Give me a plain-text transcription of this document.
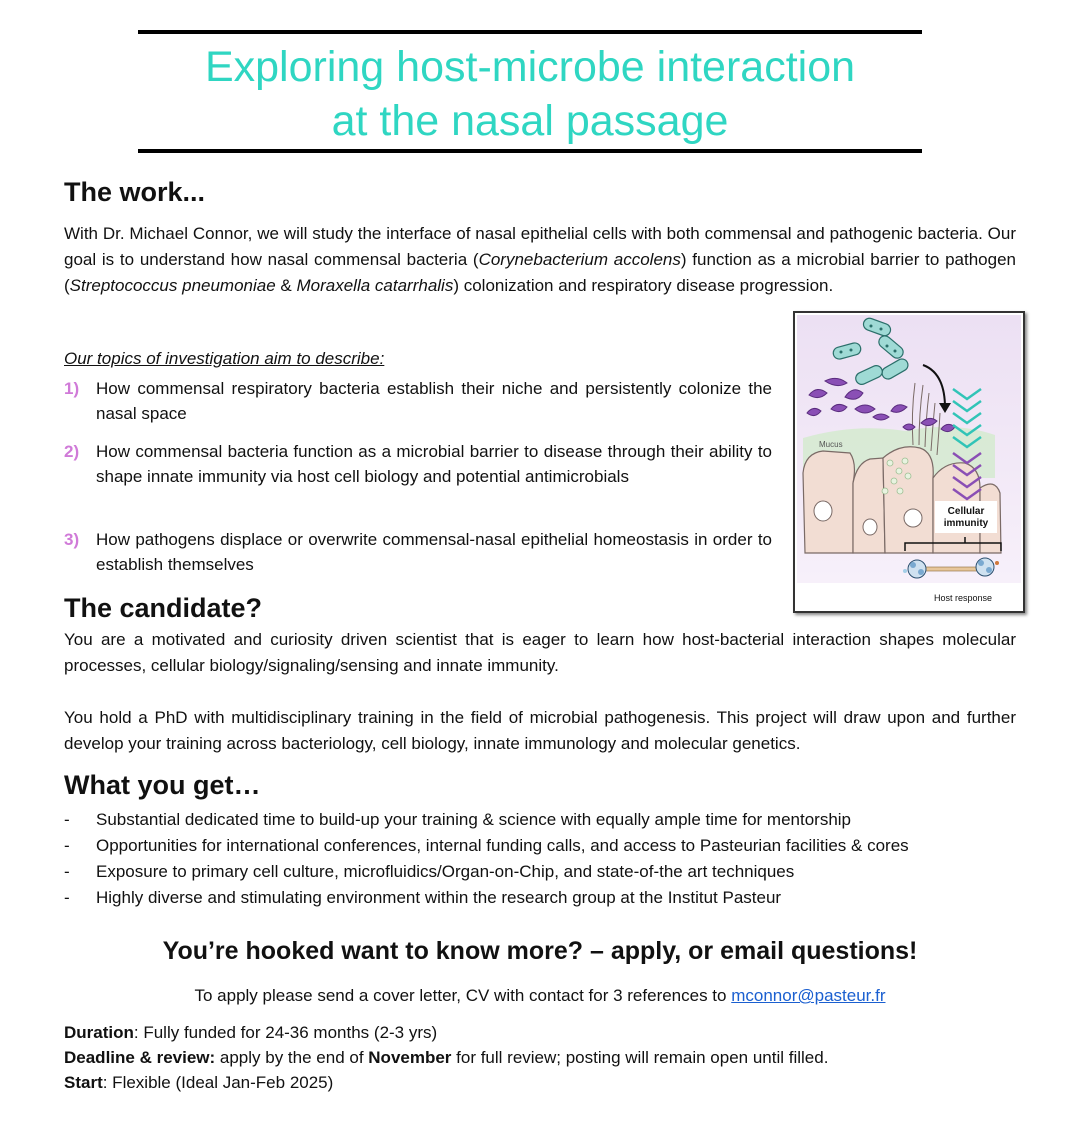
Exploring host-microbe interaction
at the nasal passage
The work...

With Dr. Michael Connor, we will study the interface of nasal epithelial cells with both commensal and pathogenic bacteria. Our goal is to understand how nasal commensal bacteria (Corynebacterium accolens) function as a microbial barrier to pathogen (Streptococcus pneumoniae & Moraxella catarrhalis) colonization and respiratory disease progression.

Our topics of investigation aim to describe:
1) How commensal respiratory bacteria establish their niche and persistently colonize the nasal space
2) How commensal bacteria function as a microbial barrier to disease through their ability to shape innate immunity via host cell biology and potential antimicrobials
3) How pathogens displace or overwrite commensal-nasal epithelial homeostasis in order to establish themselves
Mucus
Cellular
immunity
Host response
The candidate?

You are a motivated and curiosity driven scientist that is eager to learn how host-bacterial interaction shapes molecular processes, cellular biology/signaling/sensing and innate immunity.

You hold a PhD with multidisciplinary training in the field of microbial pathogenesis. This project will draw upon and further develop your training across bacteriology, cell biology, innate immunology and molecular genetics.

What you get…
- Substantial dedicated time to build-up your training & science with equally ample time for mentorship
- Opportunities for international conferences, internal funding calls, and access to Pasteurian facilities & cores
- Exposure to primary cell culture, microfluidics/Organ-on-Chip, and state-of-the art techniques
- Highly diverse and stimulating environment within the research group at the Institut Pasteur
You’re hooked want to know more? – apply, or email questions!
To apply please send a cover letter, CV with contact for 3 references to mconnor@pasteur.fr
Duration: Fully funded for 24-36 months (2-3 yrs)
Deadline & review: apply by the end of November for full review; posting will remain open until filled.
Start: Flexible (Ideal Jan-Feb 2025)
